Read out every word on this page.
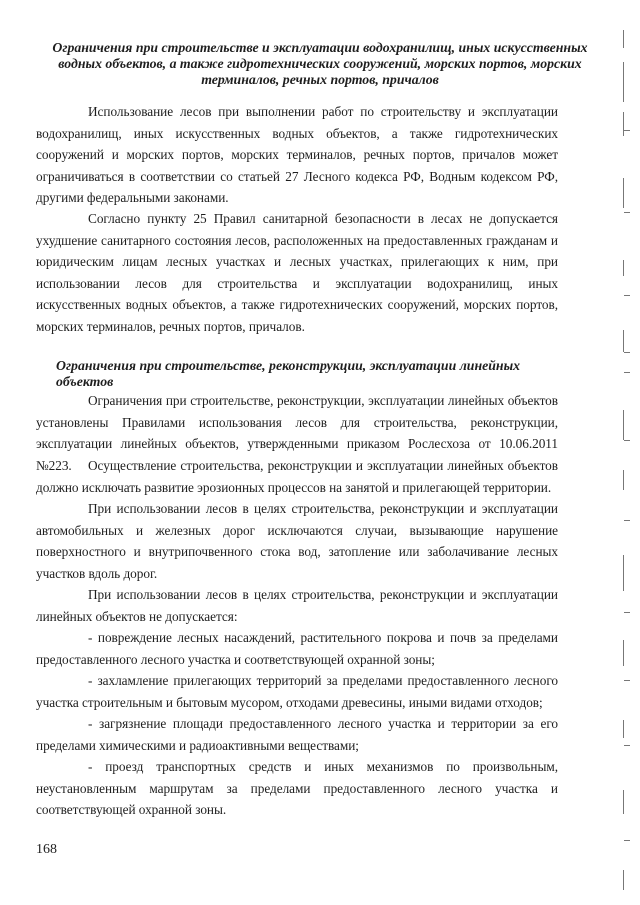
Ограничения при строительстве и эксплуатации водохранилищ, иных искусственных водных объектов, а также гидротехнических сооружений, морских портов, морских терминалов, речных портов, причалов
Использование лесов при выполнении работ по строительству и эксплуатации водохранилищ, иных искусственных водных объектов, а также гидротехнических сооружений и морских портов, морских терминалов, речных портов, причалов может ограничиваться в соответствии со статьей 27 Лесного кодекса РФ, Водным кодексом РФ, другими федеральными законами.
Согласно пункту 25 Правил санитарной безопасности в лесах не допускается ухудшение санитарного состояния лесов, расположенных на предоставленных гражданам и юридическим лицам лесных участках и лесных участках, прилегающих к ним, при использовании лесов для строительства и эксплуатации водохранилищ, иных искусственных водных объектов, а также гидротехнических сооружений, морских портов, морских терминалов, речных портов, причалов.
Ограничения при строительстве, реконструкции, эксплуатации линейных объектов
Ограничения при строительстве, реконструкции, эксплуатации линейных объектов установлены Правилами использования лесов для строительства, реконструкции, эксплуатации линейных объектов, утвержденными приказом Рослесхоза от 10.06.2011 №223.	Осуществление строительства, реконструкции и эксплуатации линейных объектов должно исключать развитие эрозионных процессов на занятой и прилегающей территории.
При использовании лесов в целях строительства, реконструкции и эксплуатации автомобильных и железных дорог исключаются случаи, вызывающие нарушение поверхностного и внутрипочвенного стока вод, затопление или заболачивание лесных участков вдоль дорог.
При использовании лесов в целях строительства, реконструкции и эксплуатации линейных объектов не допускается:
- повреждение лесных насаждений, растительного покрова и почв за пределами предоставленного лесного участка и соответствующей охранной зоны;
- захламление прилегающих территорий за пределами предоставленного лесного участка строительным и бытовым мусором, отходами древесины, иными видами отходов;
- загрязнение площади предоставленного лесного участка и территории за его пределами химическими и радиоактивными веществами;
- проезд транспортных средств и иных механизмов по произвольным, неустановленным маршрутам за пределами предоставленного лесного участка и соответствующей охранной зоны.
168
